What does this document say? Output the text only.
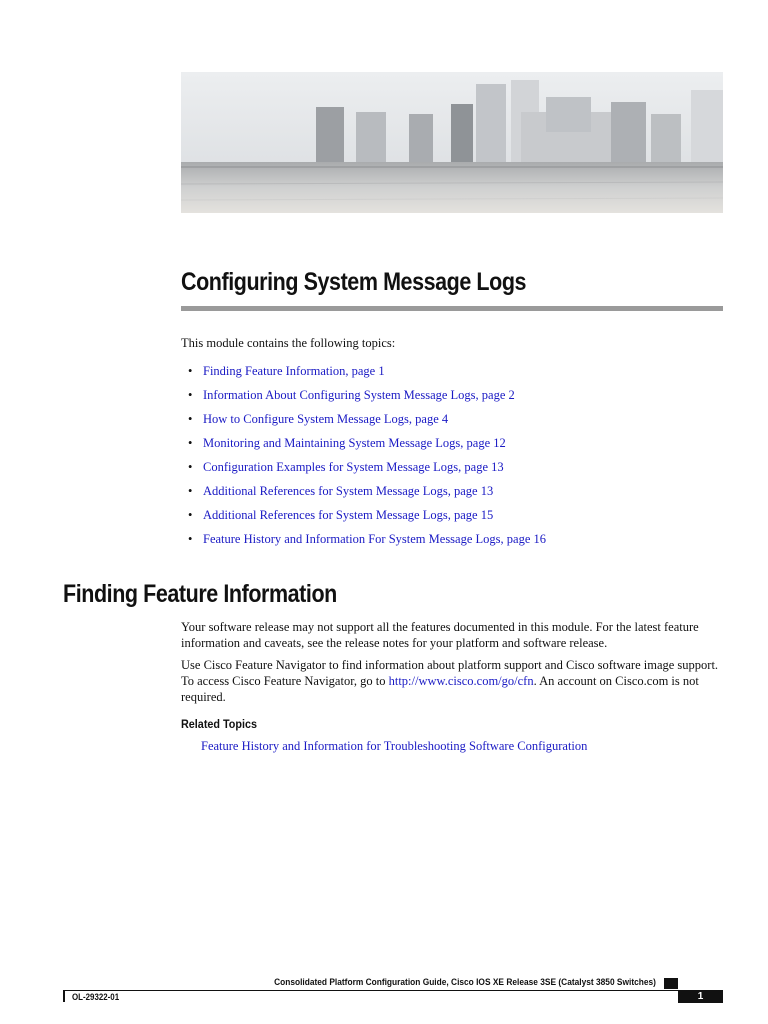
Configuring System Message Logs
This module contains the following topics:
• Finding Feature Information, page 1
• Information About Configuring System Message Logs, page 2
• How to Configure System Message Logs, page 4
• Monitoring and Maintaining System Message Logs, page 12
• Configuration Examples for System Message Logs, page 13
• Additional References for System Message Logs, page 13
• Additional References for System Message Logs, page 15
• Feature History and Information For System Message Logs, page 16
Finding Feature Information

Your software release may not support all the features documented in this module. For the latest feature information and caveats, see the release notes for your platform and software release.

Use Cisco Feature Navigator to find information about platform support and Cisco software image support. To access Cisco Feature Navigator, go to http://www.cisco.com/go/cfn. An account on Cisco.com is not required.

Related Topics
Feature History and Information for Troubleshooting Software Configuration
Consolidated Platform Configuration Guide, Cisco IOS XE Release 3SE (Catalyst 3850 Switches)
OL-29322-01	1
